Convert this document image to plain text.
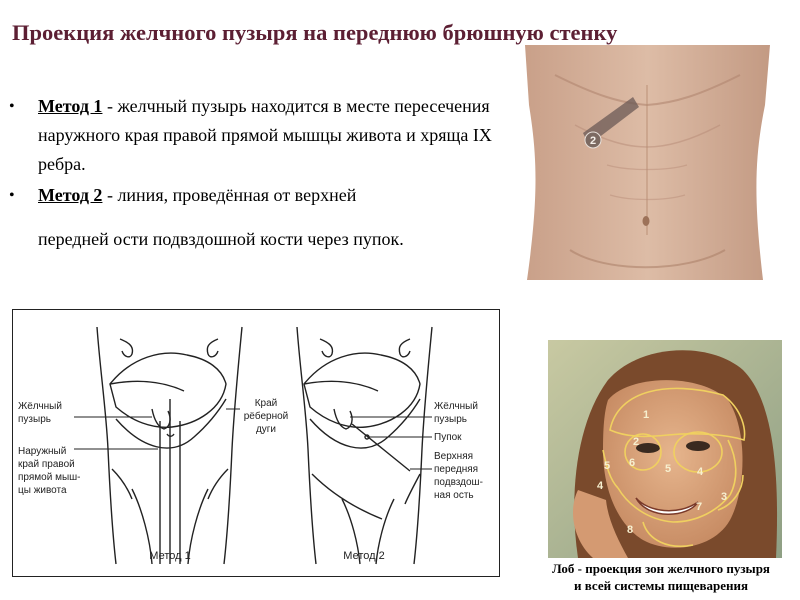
Проекция желчного пузыря на переднюю брюшную стенку
• Метод 1 - желчный пузырь находится в месте пересечения наружного края правой прямой мышцы живота и хряща IX ребра.
• Метод 2 - линия, проведённая от верхней
передней ости подвздошной кости через пупок.
2
Жёлчный пузырь
Наружный край правой прямой мыш-цы живота
Край рёберной дуги
Жёлчный пузырь
Пупок
Верхняя передняя подвздош-ная ость
Метод 1	Метод 2
1
2
6
5	5
4
4
7
3
8
Лоб - проекция зон желчного пузыря
и всей системы пищеварения
